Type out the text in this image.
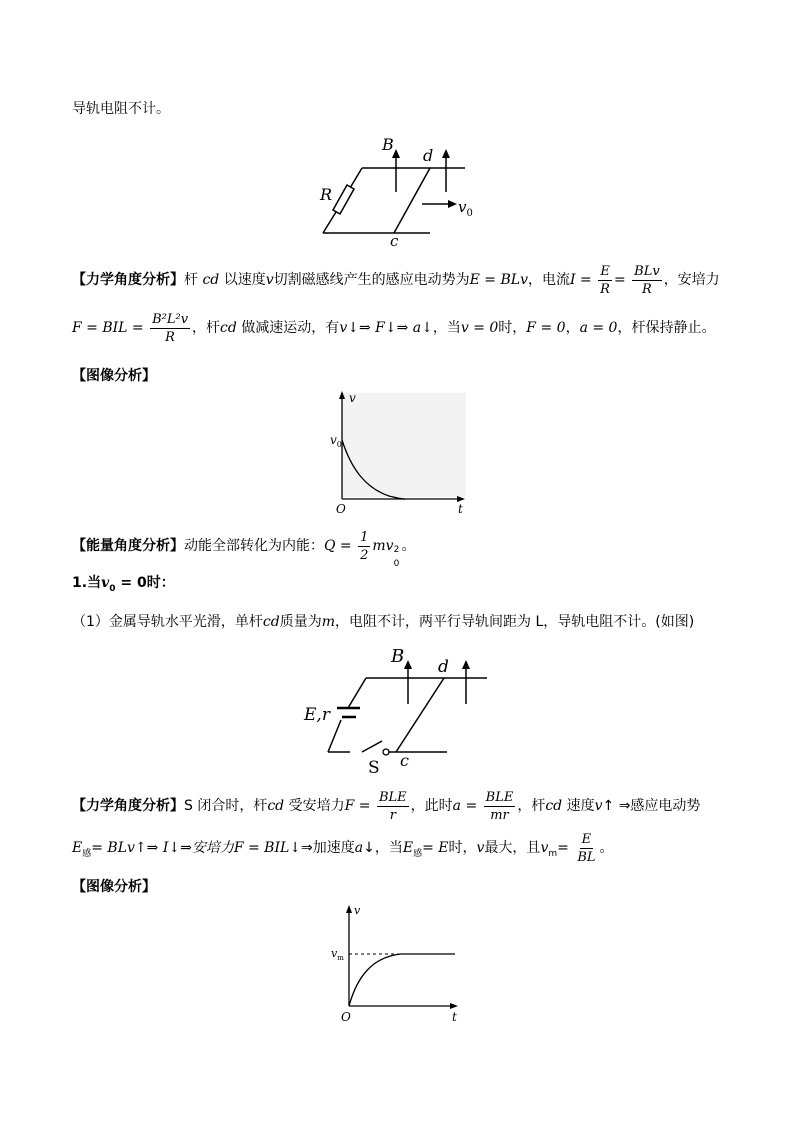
导轨电阻不计。
B
d
R
c
$v_0$
【力学角度分析】杆 cd 以速度v切割磁感线产生的感应电动势为E = BLv，电流$I = \frac{E}{R} = \frac{\text{BLv}}{R}$ ，安培力
F = BIL = $\frac{\text{B²L²v}}{R}$ ，杆cd 做减速运动，有v↓⇒ F↓⇒ a↓，当v = 0时，F = 0，a = 0，杆保持静止。
【图像分析】
v
$v_0$
O	t
【能量角度分析】动能全部转化为内能：$Q = \frac{1}{2}$ mv 2
0
。
1.当$v_0 = 0$时：
（1）金属导轨水平光滑，单杆cd质量为m，电阻不计，两平行导轨间距为 L，导轨电阻不计。(如图)
B d
E,r
S c
【力学角度分析】S 闭合时，杆cd 受安培力$F = \frac{\text{BLE}}{r}$ ，此时$a = \frac{\text{BLE}}{mr}$ ，杆cd 速度v↑ ⇒感应电动势
$E_感=$ BLv↑⇒ I↓⇒安培力F = BIL↓⇒加速度a↓，当$E_感= E$时，v最大，且$v_m= \frac{E}{BL}$ 。
【图像分析】
v
$v_m$
O	t
